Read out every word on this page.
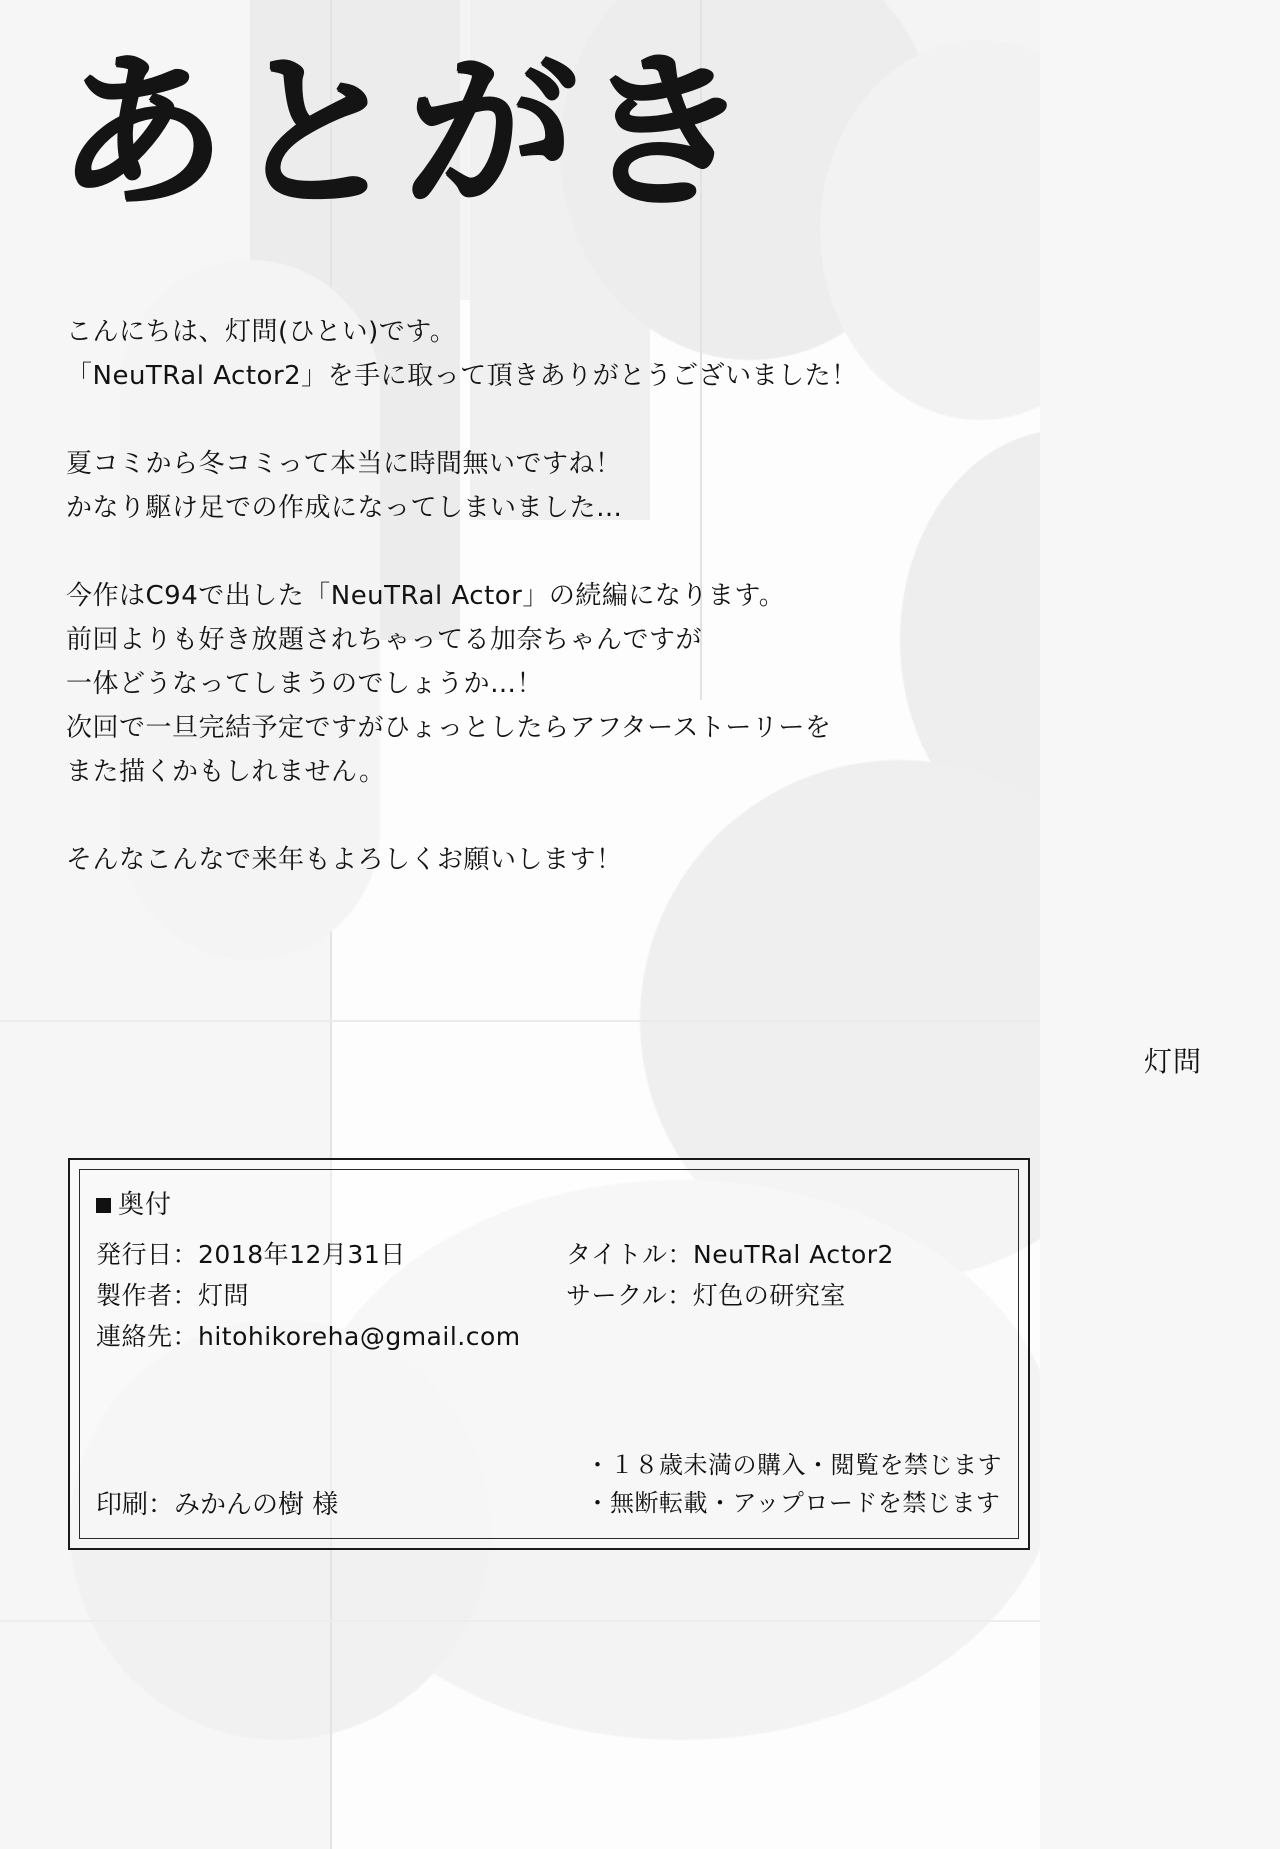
あとがき
こんにちは、灯問(ひとい)です。
「NeuTRal Actor2」を手に取って頂きありがとうございました！
夏コミから冬コミって本当に時間無いですね！
かなり駆け足での作成になってしまいました…
今作はC94で出した「NeuTRal Actor」の続編になります。
前回よりも好き放題されちゃってる加奈ちゃんですが
一体どうなってしまうのでしょうか…！
次回で一旦完結予定ですがひょっとしたらアフターストーリーを
また描くかもしれません。
そんなこんなで来年もよろしくお願いします！
灯問
奥付
発行日：2018年12月31日
製作者：灯問
連絡先：hitohikoreha@gmail.com
タイトル：NeuTRal Actor2
サークル：灯色の研究室
印刷：みかんの樹 様
・１８歳未満の購入・閲覧を禁じます
・無断転載・アップロードを禁じます
